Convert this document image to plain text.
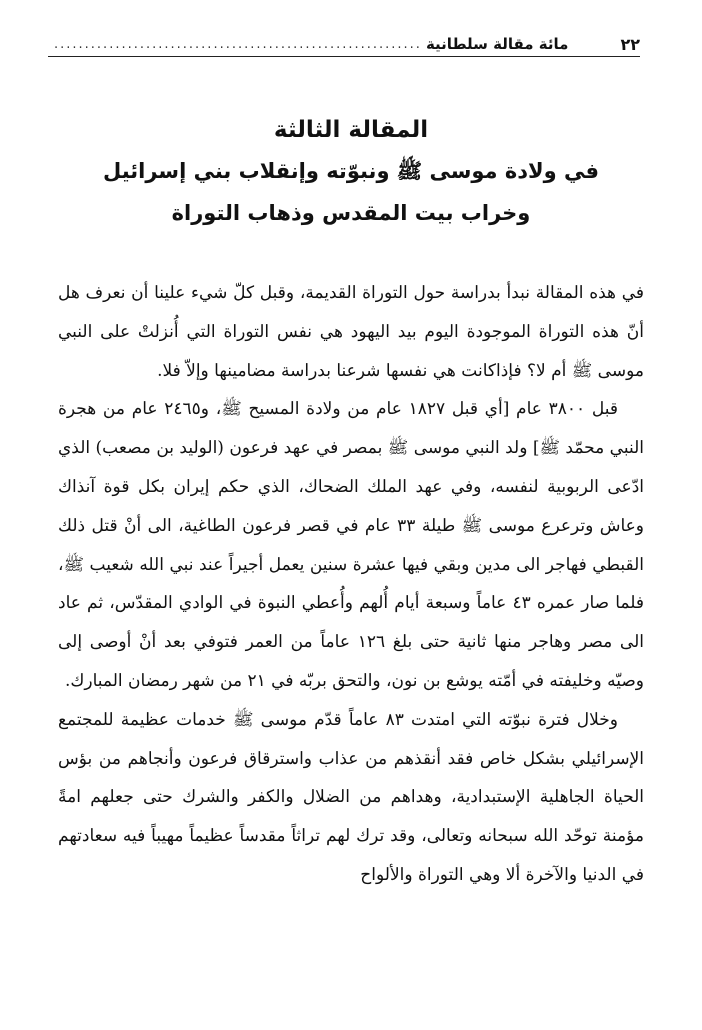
٢٢
مائة مقالة سلطانية
............................................................

المقالة الثالثة

في ولادة موسى ﷺ ونبوّته وإنقلاب بني إسرائيل

وخراب بيت المقدس وذهاب التوراة

في هذه المقالة نبدأ بدراسة حول التوراة القديمة، وقبل كلّ شيء علينا أن نعرف هل أنّ هذه التوراة الموجودة اليوم بيد اليهود هي نفس التوراة التي أُنزلتْ على النبي موسى ﷺ أم لا؟ فإذاكانت هي نفسها شرعنا بدراسة مضامينها وإلاّ فلا.

قبل ٣٨٠٠ عام [أي قبل ١٨٢٧ عام من ولادة المسيح ﷺ، و٢٤٦٥ عام من هجرة النبي محمّد ﷺ] ولد النبي موسى ﷺ بمصر في عهد فرعون (الوليد بن مصعب) الذي ادّعى الربوبية لنفسه، وفي عهد الملك الضحاك، الذي حكم إيران بكل قوة آنذاك وعاش وترعرع موسى ﷺ طيلة ٣٣ عام في قصر فرعون الطاغية، الى أنْ قتل ذلك القبطي فهاجر الى مدين وبقي فيها عشرة سنين يعمل أجيراً عند نبي الله شعيب ﷺ، فلما صار عمره ٤٣ عاماً وسبعة أيام أُلهم وأُعطي النبوة في الوادي المقدّس، ثم عاد الى مصر وهاجر منها ثانية حتى بلغ ١٢٦ عاماً من العمر فتوفي بعد أنْ أوصى إلى وصيّه وخليفته في أمّته يوشع بن نون، والتحق بربّه في ٢١ من شهر رمضان المبارك.

وخلال فترة نبوّته التي امتدت ٨٣ عاماً قدّم موسى ﷺ خدمات عظيمة للمجتمع الإسرائيلي بشكل خاص فقد أنقذهم من عذاب واسترقاق فرعون وأنجاهم من بؤس الحياة الجاهلية الإستبدادية، وهداهم من الضلال والكفر والشرك حتى جعلهم امةً مؤمنة توحّد الله سبحانه وتعالى، وقد ترك لهم تراثاً مقدساً عظيماً مهيباً فيه سعادتهم في الدنيا والآخرة ألا وهي التوراة والألواح
